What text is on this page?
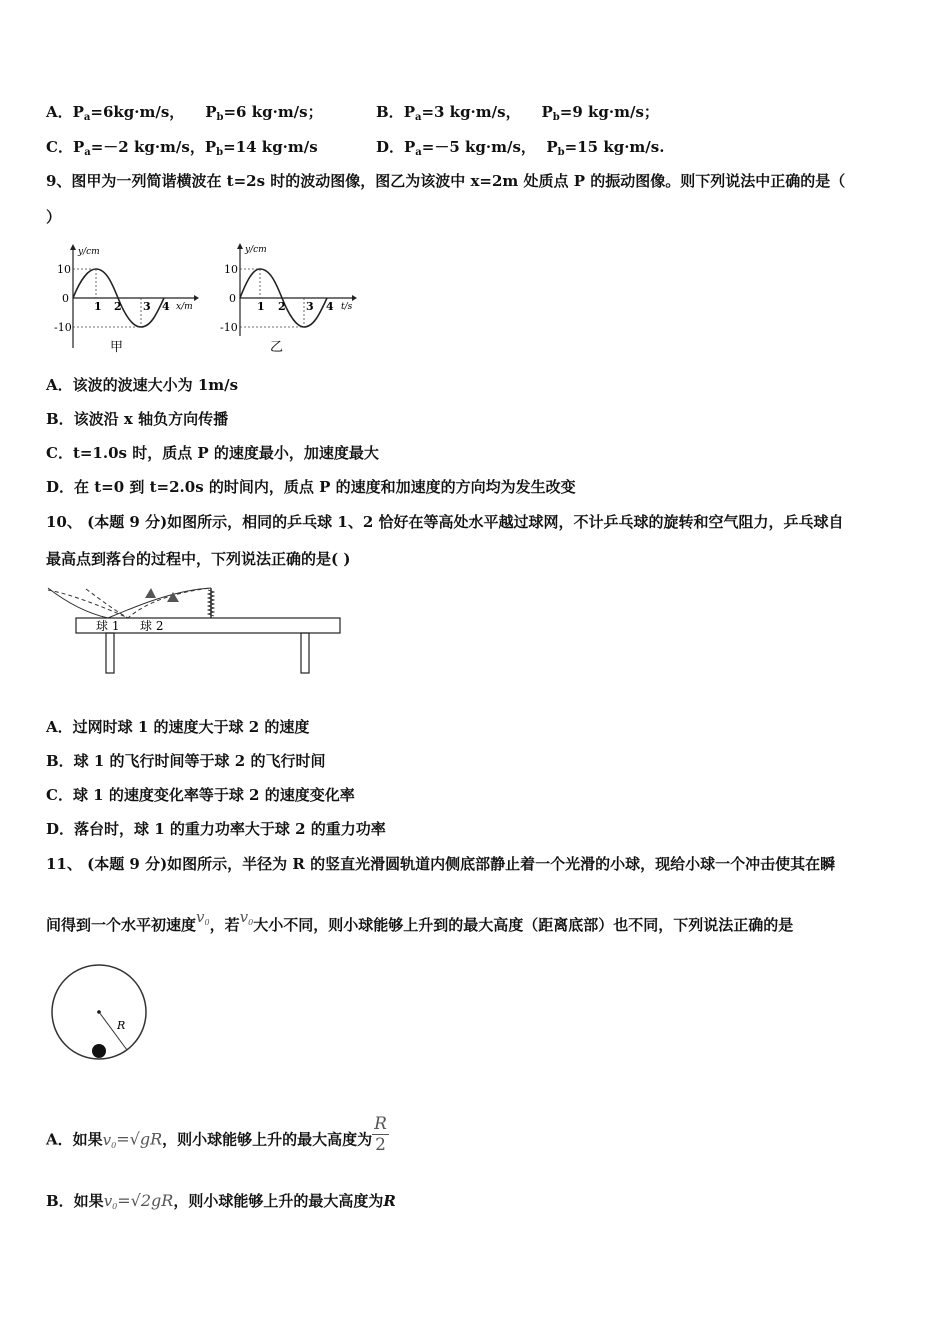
A．$P_a=6kg\cdot m/s$， $P_b=6$ kg·m/s；	B．$P_a=3$ kg·m/s， $P_b=9$ kg·m/s；
C．$P_a=-2$ kg·m/s，$P_b=14$ kg·m/s	D．$P_a=-5$ kg·m/s， $P_b=15$ kg·m/s.
9、图甲为一列简谐横波在 t=2s 时的波动图像，图乙为该波中 x=2m 处质点 P 的振动图像。则下列说法中正确的是（
）
y/cm
x/m
10
0
-10
1 2 3 4
甲
y/cm
t/s
10
0
-10
1 2 3 4
乙
A．该波的波速大小为 1m/s
B．该波沿 x 轴负方向传播
C．t=1.0s 时，质点 P 的速度最小，加速度最大
D．在 t=0 到 t=2.0s 的时间内，质点 P 的速度和加速度的方向均为发生改变
10、 (本题 9 分)如图所示，相同的乒乓球 1、2 恰好在等高处水平越过球网，不计乒乓球的旋转和空气阻力，乒乓球自
最高点到落台的过程中，下列说法正确的是( )
球 1 球 2
A．过网时球 1 的速度大于球 2 的速度
B．球 1 的飞行时间等于球 2 的飞行时间
C．球 1 的速度变化率等于球 2 的速度变化率
D．落台时，球 1 的重力功率大于球 2 的重力功率
11、 (本题 9 分)如图所示，半径为 R 的竖直光滑圆轨道内侧底部静止着一个光滑的小球，现给小球一个冲击使其在瞬
间得到一个水平初速度$v_0$，若$v_0$大小不同，则小球能够上升到的最大高度（距离底部）也不同，下列说法正确的是
R
A．如果$v_0=√gR$，则小球能够上升的最大高度为 $\frac{R}{2}$
B．如果$v_0=√2gR$，则小球能够上升的最大高度为R
